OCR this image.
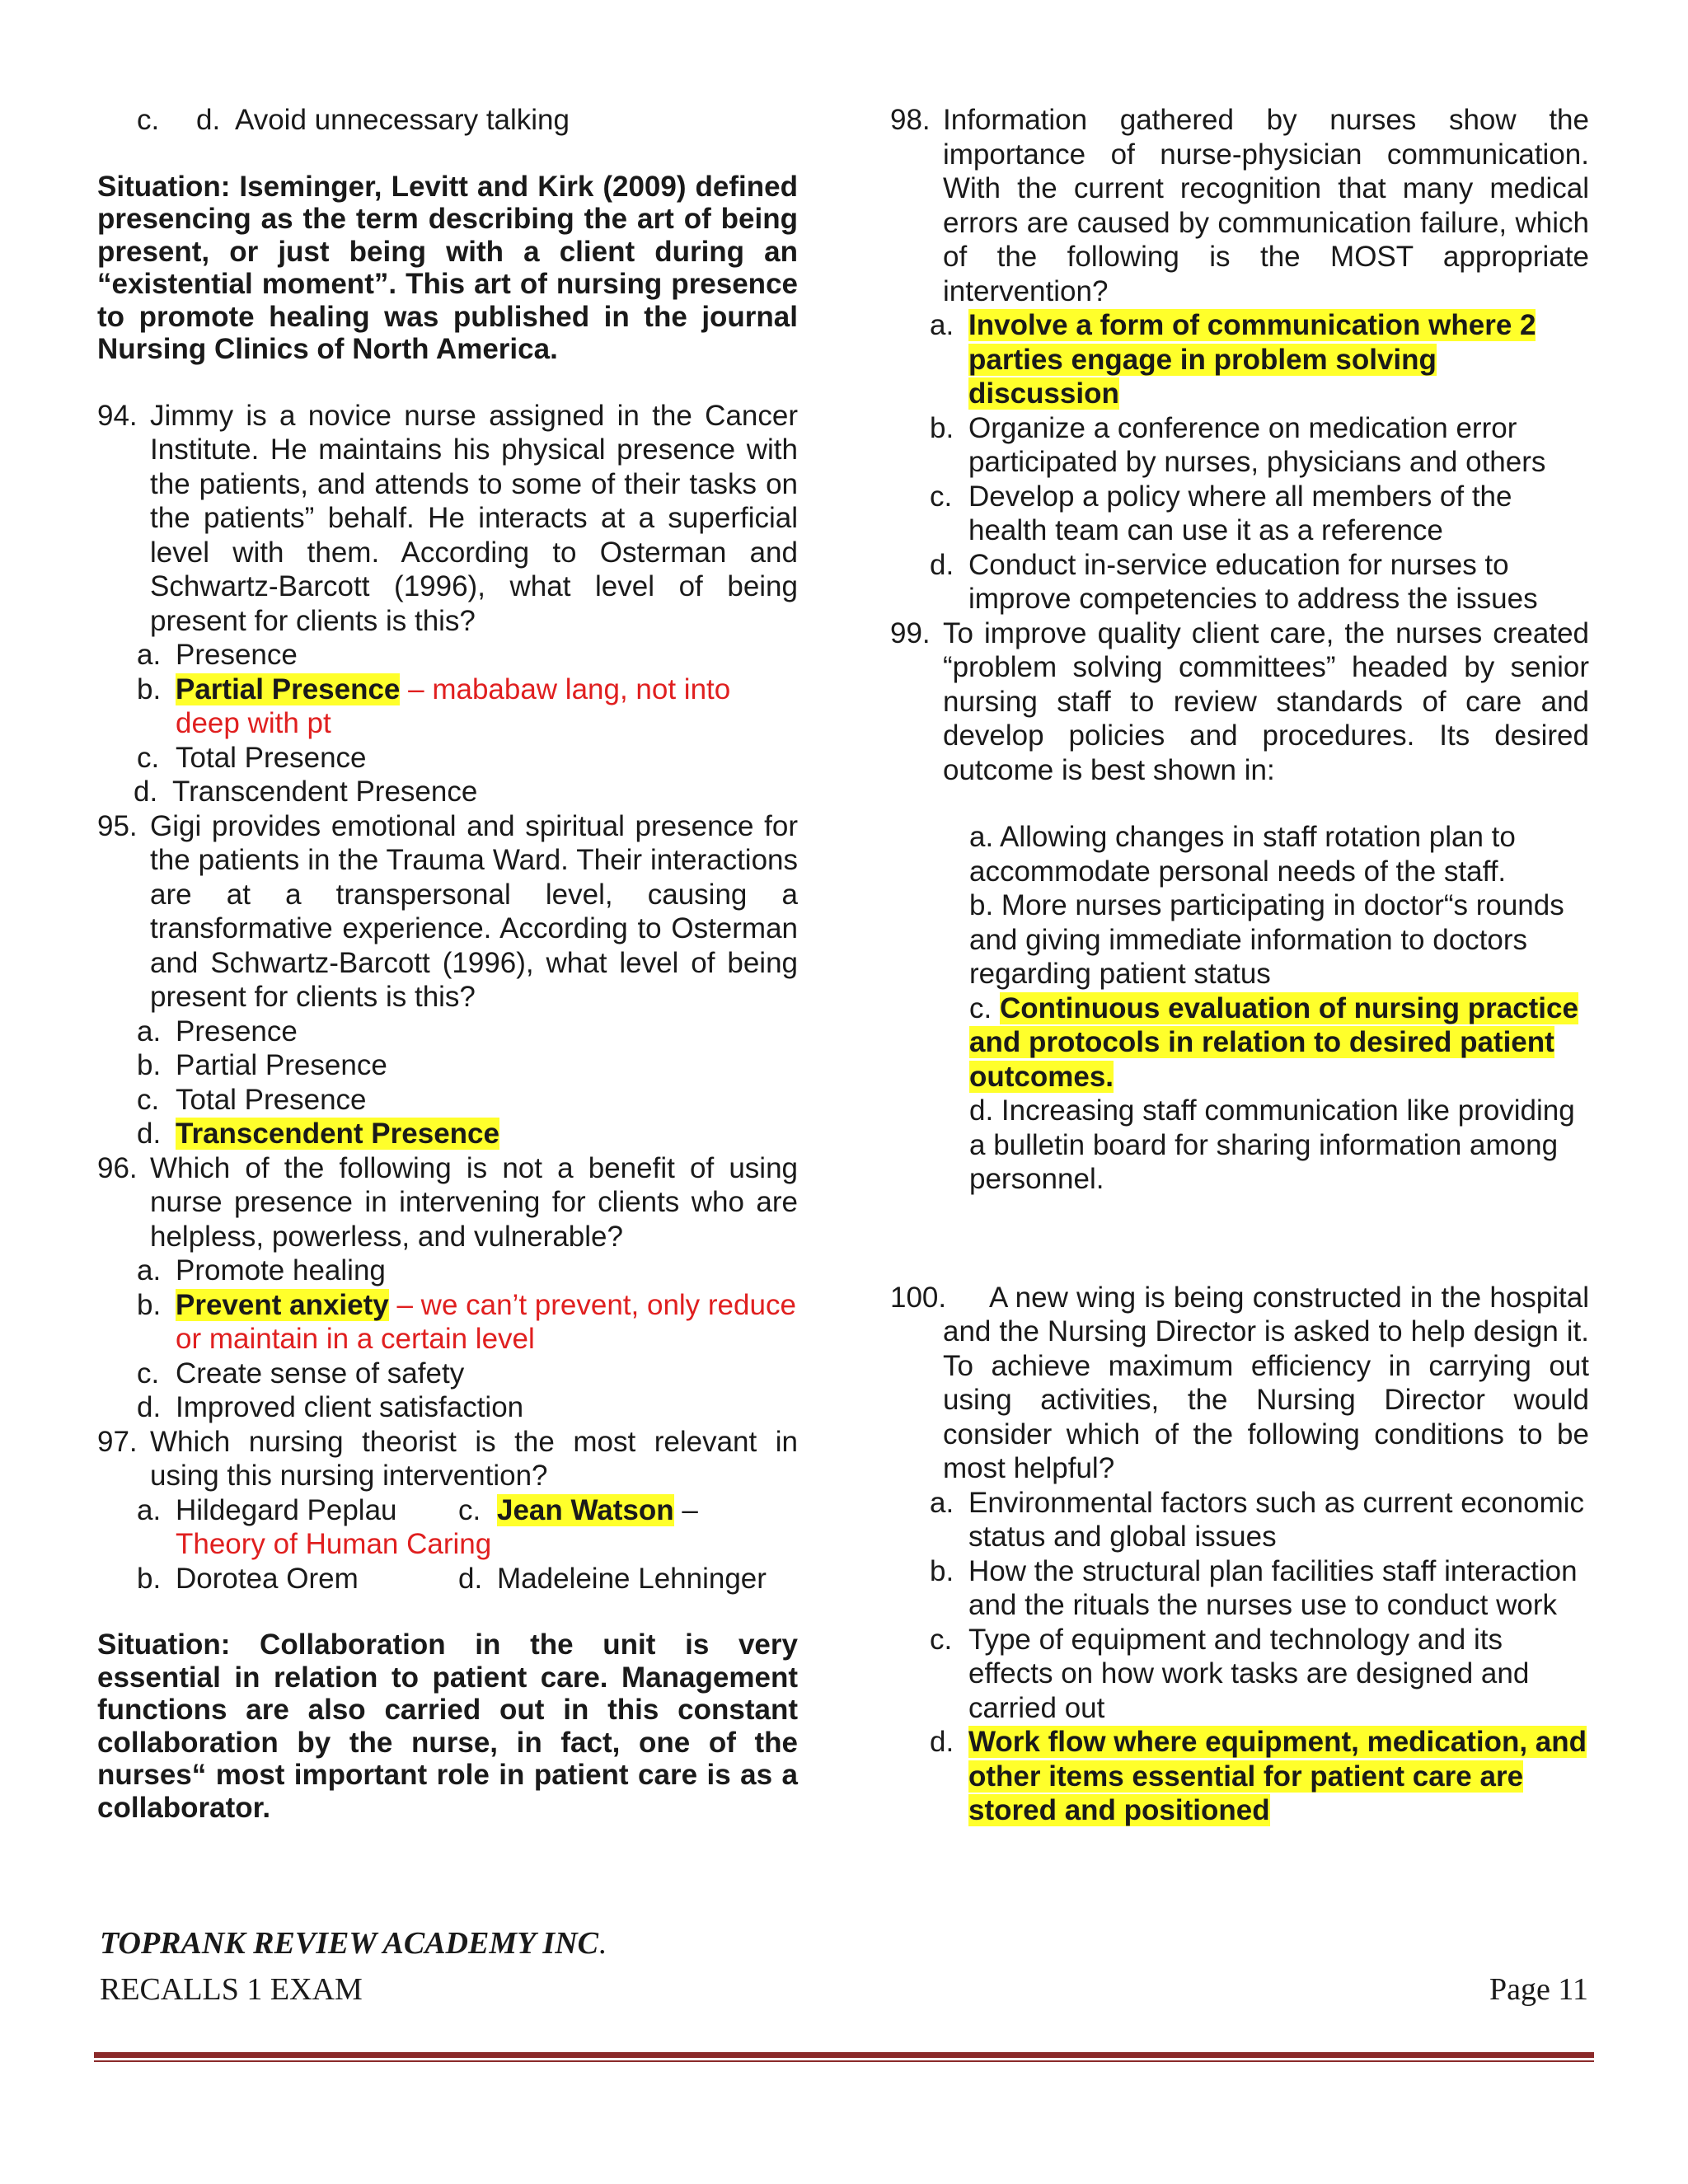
c.	d. Avoid unnecessary talking
Situation: Iseminger, Levitt and Kirk (2009) defined presencing as the term describing the art of being present, or just being with a client during an “existential moment”. This art of nursing presence to promote healing was published in the journal Nursing Clinics of North America.
94. Jimmy is a novice nurse assigned in the Cancer Institute. He maintains his physical presence with the patients, and attends to some of their tasks on the patients” behalf. He interacts at a superficial level with them. According to Osterman and Schwartz-Barcott (1996), what level of being present for clients is this?
a. Presence
b. Partial Presence – mababaw lang, not into deep with pt
c. Total Presence
d. Transcendent Presence
95. Gigi provides emotional and spiritual presence for the patients in the Trauma Ward. Their interactions are at a transpersonal level, causing a transformative experience. According to Osterman and Schwartz-Barcott (1996), what level of being present for clients is this?
a. Presence
b. Partial Presence
c. Total Presence
d. Transcendent Presence
96. Which of the following is not a benefit of using nurse presence in intervening for clients who are helpless, powerless, and vulnerable?
a. Promote healing
b. Prevent anxiety – we can’t prevent, only reduce or maintain in a certain level
c. Create sense of safety
d. Improved client satisfaction
97. Which nursing theorist is the most relevant in using this nursing intervention?
a. Hildegard Peplau c. Jean Watson –
Theory of Human Caring
b. Dorotea Orem	d. Madeleine Lehninger
Situation: Collaboration in the unit is very essential in relation to patient care. Management functions are also carried out in this constant collaboration by the nurse, in fact, one of the nurses“ most important role in patient care is as a collaborator.
98. Information gathered by nurses show the importance of nurse-physician communication. With the current recognition that many medical errors are caused by communication failure, which of the following is the MOST appropriate intervention?
a. Involve a form of communication where 2 parties engage in problem solving discussion
b. Organize a conference on medication error participated by nurses, physicians and others
c. Develop a policy where all members of the health team can use it as a reference
d. Conduct in-service education for nurses to improve competencies to address the issues
99. To improve quality client care, the nurses created “problem solving committees” headed by senior nursing staff to review standards of care and develop policies and procedures. Its desired outcome is best shown in:
a. Allowing changes in staff rotation plan to accommodate personal needs of the staff.
b. More nurses participating in doctor“s rounds and giving immediate information to doctors regarding patient status
c. Continuous evaluation of nursing practice and protocols in relation to desired patient outcomes.
d. Increasing staff communication like providing a bulletin board for sharing information among personnel.
100.	A new wing is being constructed in the hospital and the Nursing Director is asked to help design it. To achieve maximum efficiency in carrying out using activities, the Nursing Director would consider which of the following conditions to be most helpful?
a. Environmental factors such as current economic status and global issues
b. How the structural plan facilities staff interaction and the rituals the nurses use to conduct work
c. Type of equipment and technology and its effects on how work tasks are designed and carried out
d. Work flow where equipment, medication, and other items essential for patient care are stored and positioned
TOPRANK REVIEW ACADEMY INC.
RECALLS 1 EXAM	Page 11
